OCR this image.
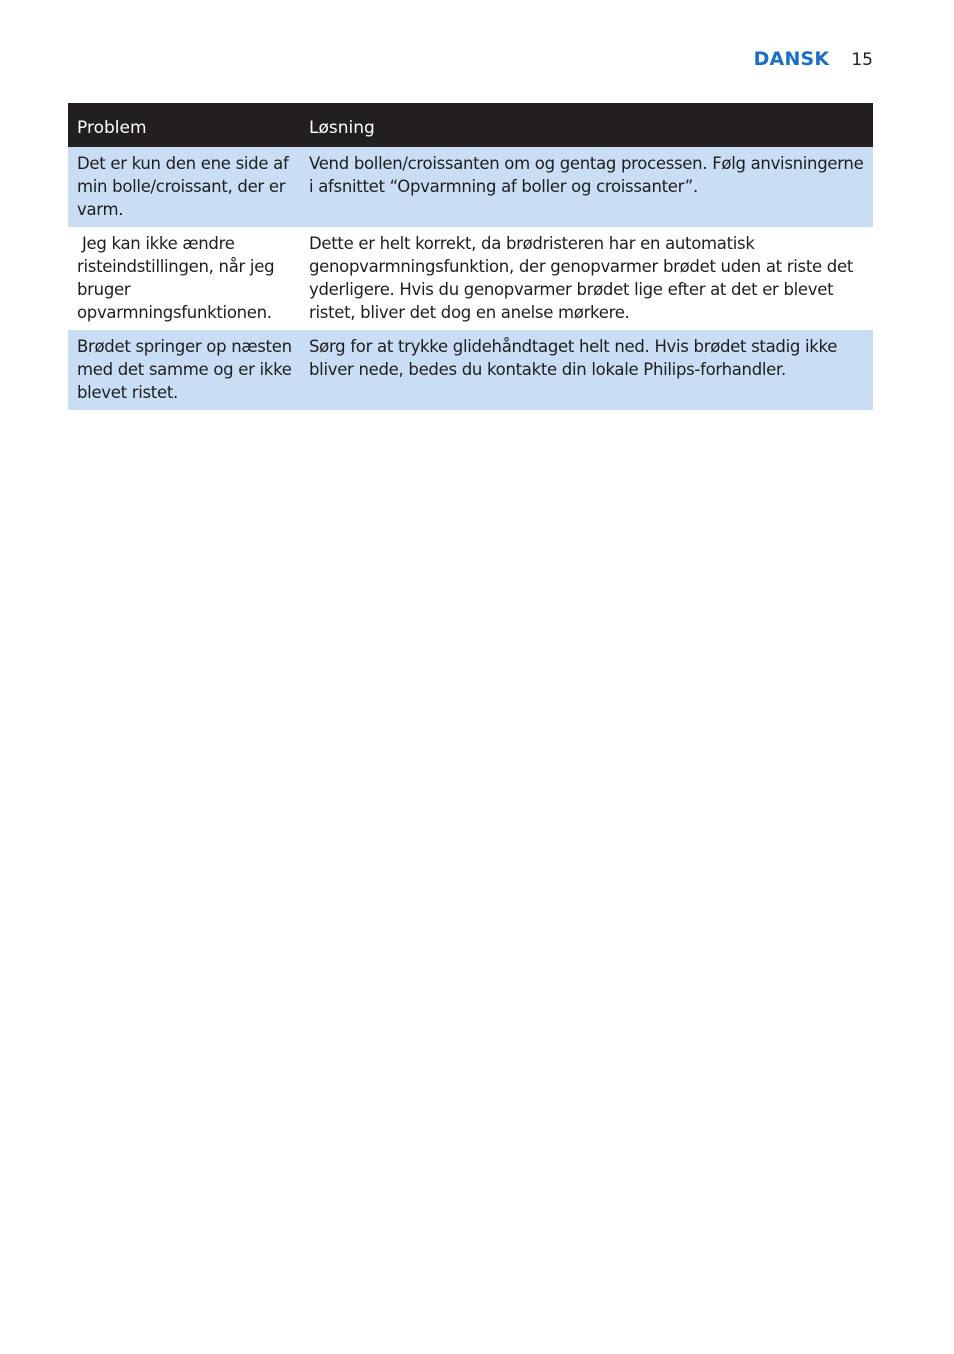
DANSK 15
Problem	Løsning
Det er kun den ene side af min bolle/croissant, der er varm.	Vend bollen/croissanten om og gentag processen. Følg anvisningerne i afsnittet “Opvarmning af boller og croissanter”.
Jeg kan ikke ændre risteindstillingen, når jeg bruger opvarmningsfunktionen.	Dette er helt korrekt, da brødristeren har en automatisk genopvarmningsfunktion, der genopvarmer brødet uden at riste det yderligere. Hvis du genopvarmer brødet lige efter at det er blevet ristet, bliver det dog en anelse mørkere.
Brødet springer op næsten med det samme og er ikke blevet ristet.	Sørg for at trykke glidehåndtaget helt ned. Hvis brødet stadig ikke bliver nede, bedes du kontakte din lokale Philips-forhandler.
